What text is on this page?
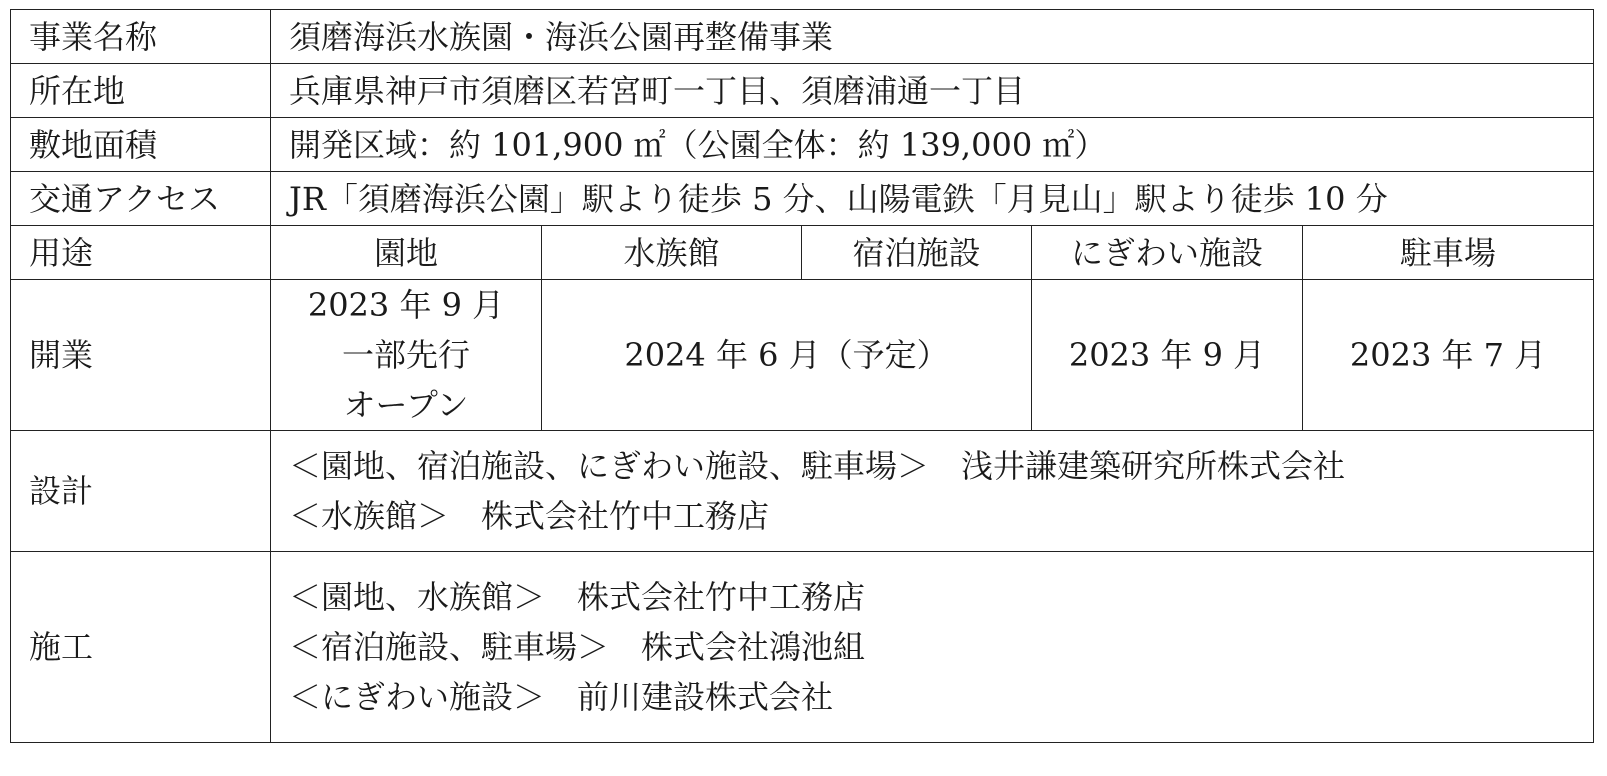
事業名称	須磨海浜水族園・海浜公園再整備事業				
所在地	兵庫県神戸市須磨区若宮町一丁目、須磨浦通一丁目				
敷地面積	開発区域：約 101,900 ㎡（公園全体：約 139,000 ㎡）				
交通アクセス	JR「須磨海浜公園」駅より徒歩 5 分、山陽電鉄「月見山」駅より徒歩 10 分				
用途	園地	水族館	宿泊施設	にぎわい施設	駐車場
開業	2023 年 9 月
一部先行
オープン	2024 年 6 月（予定）		2023 年 9 月	2023 年 7 月
設計	＜園地、宿泊施設、にぎわい施設、駐車場＞　浅井謙建築研究所株式会社
＜水族館＞　株式会社竹中工務店				

施工	＜園地、水族館＞　株式会社竹中工務店
＜宿泊施設、駐車場＞　株式会社鴻池組
＜にぎわい施設＞　前川建設株式会社				
